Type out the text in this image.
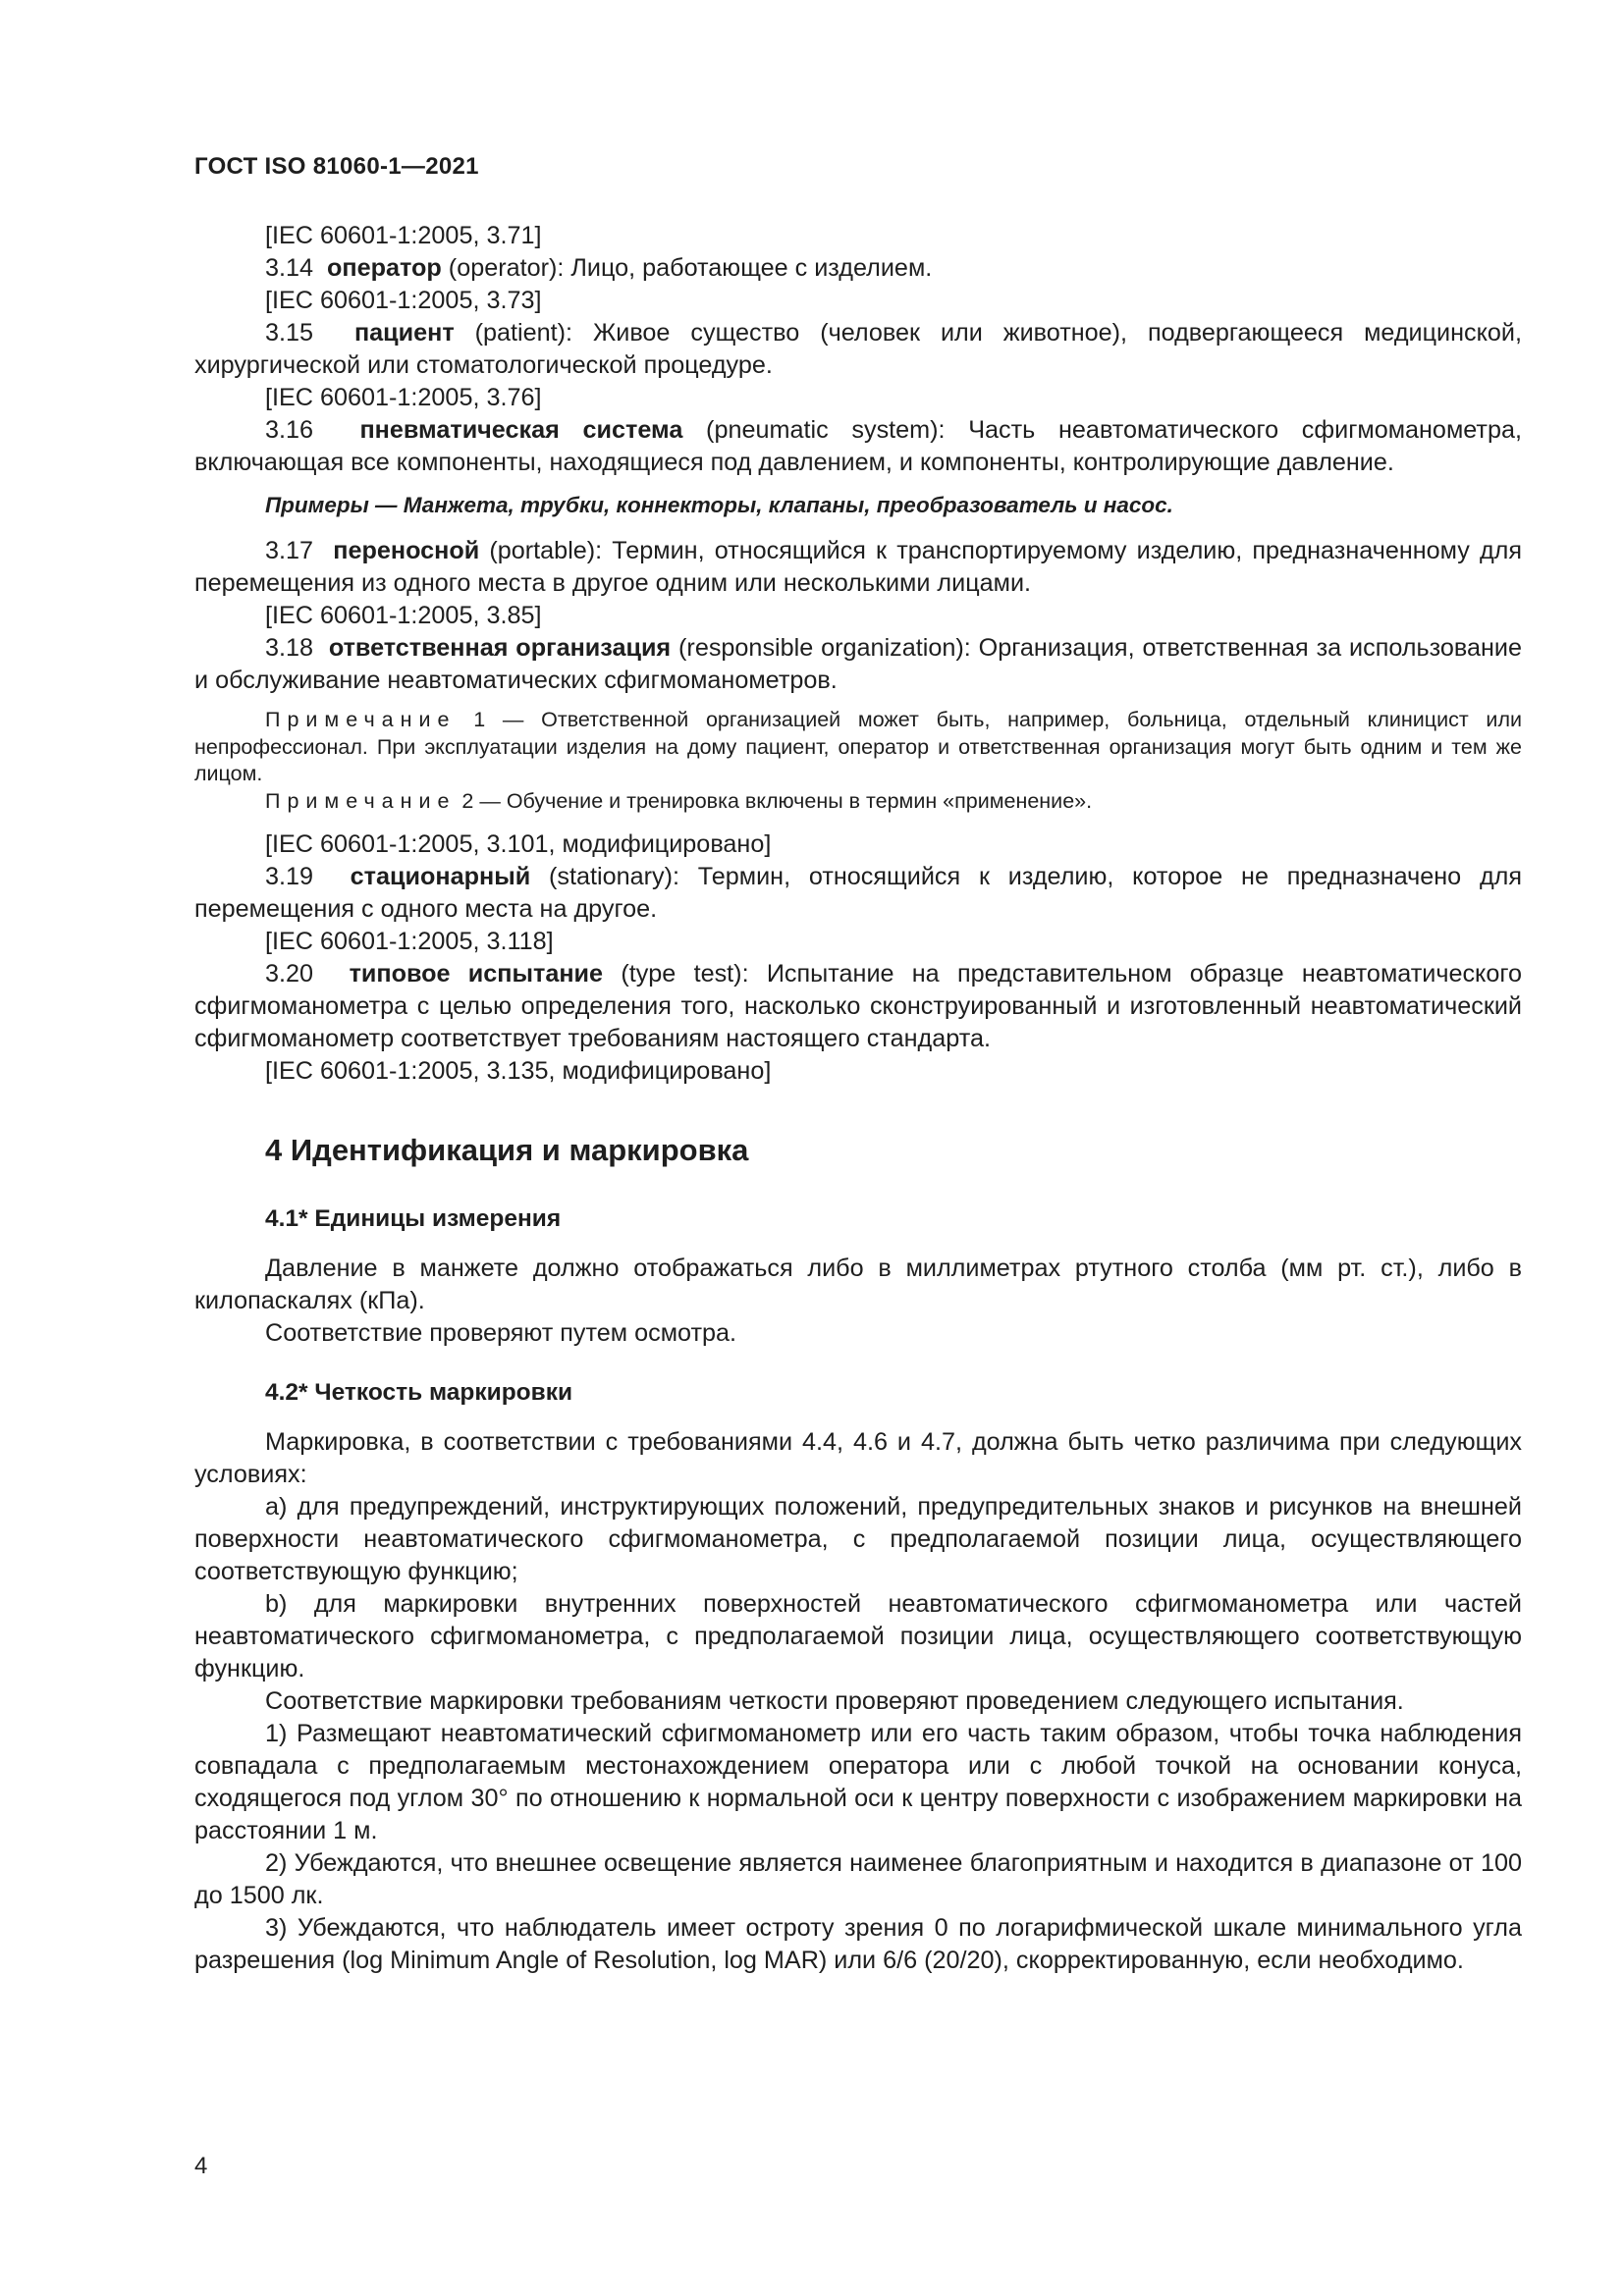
ГОСТ ISO 81060-1—2021

[IEC 60601-1:2005, 3.71]

3.14 оператор (operator): Лицо, работающее с изделием.

[IEC 60601-1:2005, 3.73]

3.15 пациент (patient): Живое существо (человек или животное), подвергающееся медицинской, хирургической или стоматологической процедуре.

[IEC 60601-1:2005, 3.76]

3.16 пневматическая система (pneumatic system): Часть неавтоматического сфигмоманометра, включающая все компоненты, находящиеся под давлением, и компоненты, контролирующие давление.

Примеры — Манжета, трубки, коннекторы, клапаны, преобразователь и насос.

3.17 переносной (portable): Термин, относящийся к транспортируемому изделию, предназначенному для перемещения из одного места в другое одним или несколькими лицами.

[IEC 60601-1:2005, 3.85]

3.18 ответственная организация (responsible organization): Организация, ответственная за использование и обслуживание неавтоматических сфигмоманометров.

Примечание 1 — Ответственной организацией может быть, например, больница, отдельный клиницист или непрофессионал. При эксплуатации изделия на дому пациент, оператор и ответственная организация могут быть одним и тем же лицом.

Примечание 2 — Обучение и тренировка включены в термин «применение».

[IEC 60601-1:2005, 3.101, модифицировано]

3.19 стационарный (stationary): Термин, относящийся к изделию, которое не предназначено для перемещения с одного места на другое.

[IEC 60601-1:2005, 3.118]

3.20 типовое испытание (type test): Испытание на представительном образце неавтоматического сфигмоманометра с целью определения того, насколько сконструированный и изготовленный неавтоматический сфигмоманометр соответствует требованиям настоящего стандарта.

[IEC 60601-1:2005, 3.135, модифицировано]

4 Идентификация и маркировка
4.1* Единицы измерения

Давление в манжете должно отображаться либо в миллиметрах ртутного столба (мм рт. ст.), либо в килопаскалях (кПа).

Соответствие проверяют путем осмотра.

4.2* Четкость маркировки

Маркировка, в соответствии с требованиями 4.4, 4.6 и 4.7, должна быть четко различима при следующих условиях:

a) для предупреждений, инструктирующих положений, предупредительных знаков и рисунков на внешней поверхности неавтоматического сфигмоманометра, с предполагаемой позиции лица, осуществляющего соответствующую функцию;

b) для маркировки внутренних поверхностей неавтоматического сфигмоманометра или частей неавтоматического сфигмоманометра, с предполагаемой позиции лица, осуществляющего соответствующую функцию.

Соответствие маркировки требованиям четкости проверяют проведением следующего испытания.

1) Размещают неавтоматический сфигмоманометр или его часть таким образом, чтобы точка наблюдения совпадала с предполагаемым местонахождением оператора или с любой точкой на основании конуса, сходящегося под углом 30° по отношению к нормальной оси к центру поверхности с изображением маркировки на расстоянии 1 м.

2) Убеждаются, что внешнее освещение является наименее благоприятным и находится в диапазоне от 100 до 1500 лк.

3) Убеждаются, что наблюдатель имеет остроту зрения 0 по логарифмической шкале минимального угла разрешения (log Minimum Angle of Resolution, log MAR) или 6/6 (20/20), скорректированную, если необходимо.

4
